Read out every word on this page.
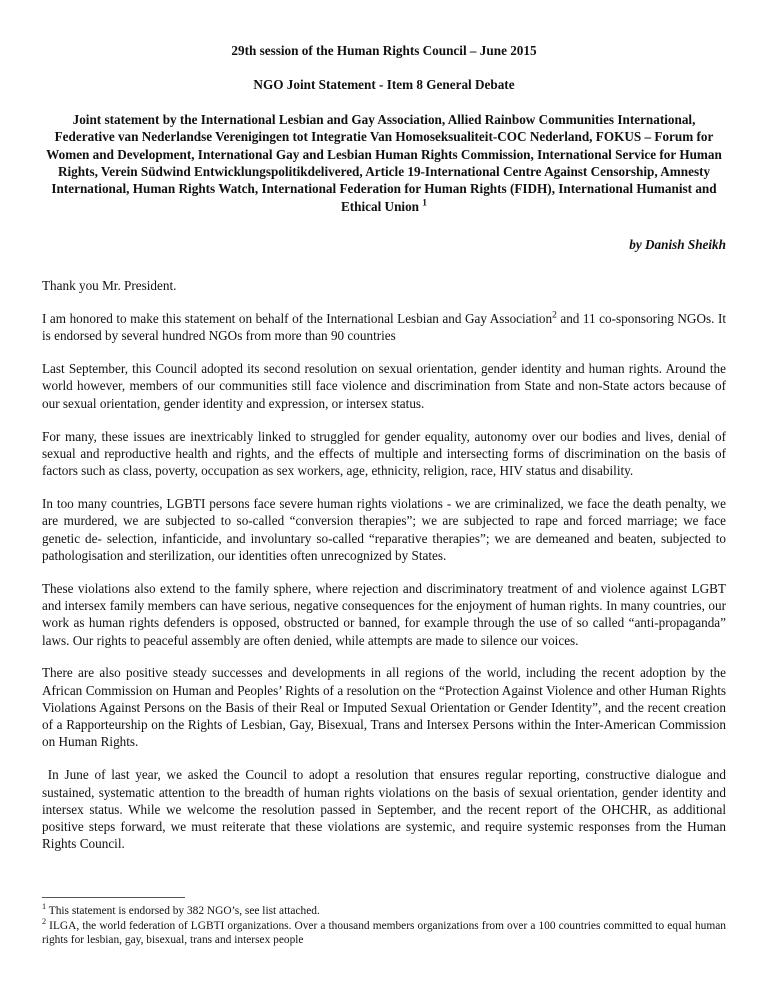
29th session of the Human Rights Council – June 2015
NGO Joint Statement - Item 8 General Debate
Joint statement by the International Lesbian and Gay Association, Allied Rainbow Communities International, Federative van Nederlandse Verenigingen tot Integratie Van Homoseksualiteit-COC Nederland, FOKUS – Forum for Women and Development, International Gay and Lesbian Human Rights Commission, International Service for Human Rights, Verein Südwind Entwicklungspolitikdelivered, Article 19-International Centre Against Censorship, Amnesty International, Human Rights Watch, International Federation for Human Rights (FIDH), International Humanist and Ethical Union $^1$
by Danish Sheikh

Thank you Mr. President.

I am honored to make this statement on behalf of the International Lesbian and Gay Association$^2$ and 11 co-sponsoring NGOs. It is endorsed by several hundred NGOs from more than 90 countries

Last September, this Council adopted its second resolution on sexual orientation, gender identity and human rights. Around the world however, members of our communities still face violence and discrimination from State and non-State actors because of our sexual orientation, gender identity and expression, or intersex status.

For many, these issues are inextricably linked to struggled for gender equality, autonomy over our bodies and lives, denial of sexual and reproductive health and rights, and the effects of multiple and intersecting forms of discrimination on the basis of factors such as class, poverty, occupation as sex workers, age, ethnicity, religion, race, HIV status and disability.

In too many countries, LGBTI persons face severe human rights violations - we are criminalized, we face the death penalty, we are murdered, we are subjected to so-called “conversion therapies”; we are subjected to rape and forced marriage; we face genetic de- selection, infanticide, and involuntary so-called “reparative therapies”; we are demeaned and beaten, subjected to pathologisation and sterilization, our identities often unrecognized by States.

These violations also extend to the family sphere, where rejection and discriminatory treatment of and violence against LGBT and intersex family members can have serious, negative consequences for the enjoyment of human rights. In many countries, our work as human rights defenders is opposed, obstructed or banned, for example through the use of so called “anti-propaganda” laws. Our rights to peaceful assembly are often denied, while attempts are made to silence our voices.

There are also positive steady successes and developments in all regions of the world, including the recent adoption by the African Commission on Human and Peoples’ Rights of a resolution on the “Protection Against Violence and other Human Rights Violations Against Persons on the Basis of their Real or Imputed Sexual Orientation or Gender Identity”, and the recent creation of a Rapporteurship on the Rights of Lesbian, Gay, Bisexual, Trans and Intersex Persons within the Inter-American Commission on Human Rights.

In June of last year, we asked the Council to adopt a resolution that ensures regular reporting, constructive dialogue and sustained, systematic attention to the breadth of human rights violations on the basis of sexual orientation, gender identity and intersex status. While we welcome the resolution passed in September, and the recent report of the OHCHR, as additional positive steps forward, we must reiterate that these violations are systemic, and require systemic responses from the Human Rights Council.

$^1$ This statement is endorsed by 382 NGO’s, see list attached.

$^2$ ILGA, the world federation of LGBTI organizations. Over a thousand members organizations from over a 100 countries committed to equal human rights for lesbian, gay, bisexual, trans and intersex people
